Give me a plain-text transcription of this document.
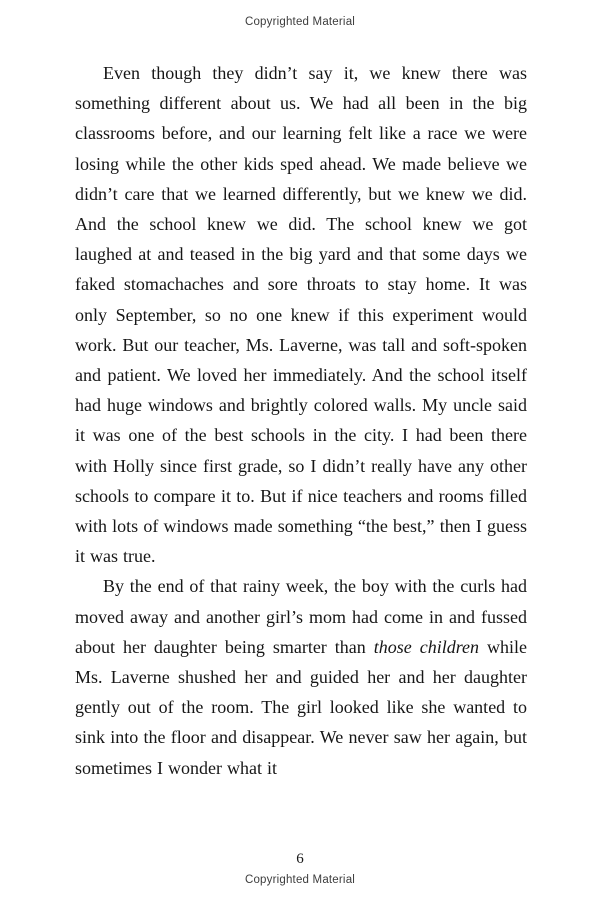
Copyrighted Material

Even though they didn’t say it, we knew there was something different about us. We had all been in the big classrooms before, and our learning felt like a race we were losing while the other kids sped ahead. We made believe we didn’t care that we learned differently, but we knew we did. And the school knew we did. The school knew we got laughed at and teased in the big yard and that some days we faked stomachaches and sore throats to stay home. It was only September, so no one knew if this experiment would work. But our teacher, Ms. Laverne, was tall and soft-spoken and patient. We loved her immediately. And the school itself had huge windows and brightly colored walls. My uncle said it was one of the best schools in the city. I had been there with Holly since first grade, so I didn’t really have any other schools to compare it to. But if nice teachers and rooms filled with lots of windows made something “the best,” then I guess it was true.

By the end of that rainy week, the boy with the curls had moved away and another girl’s mom had come in and fussed about her daughter being smarter than those children while Ms. Laverne shushed her and guided her and her daughter gently out of the room. The girl looked like she wanted to sink into the floor and disappear. We never saw her again, but sometimes I wonder what it

6
Copyrighted Material
